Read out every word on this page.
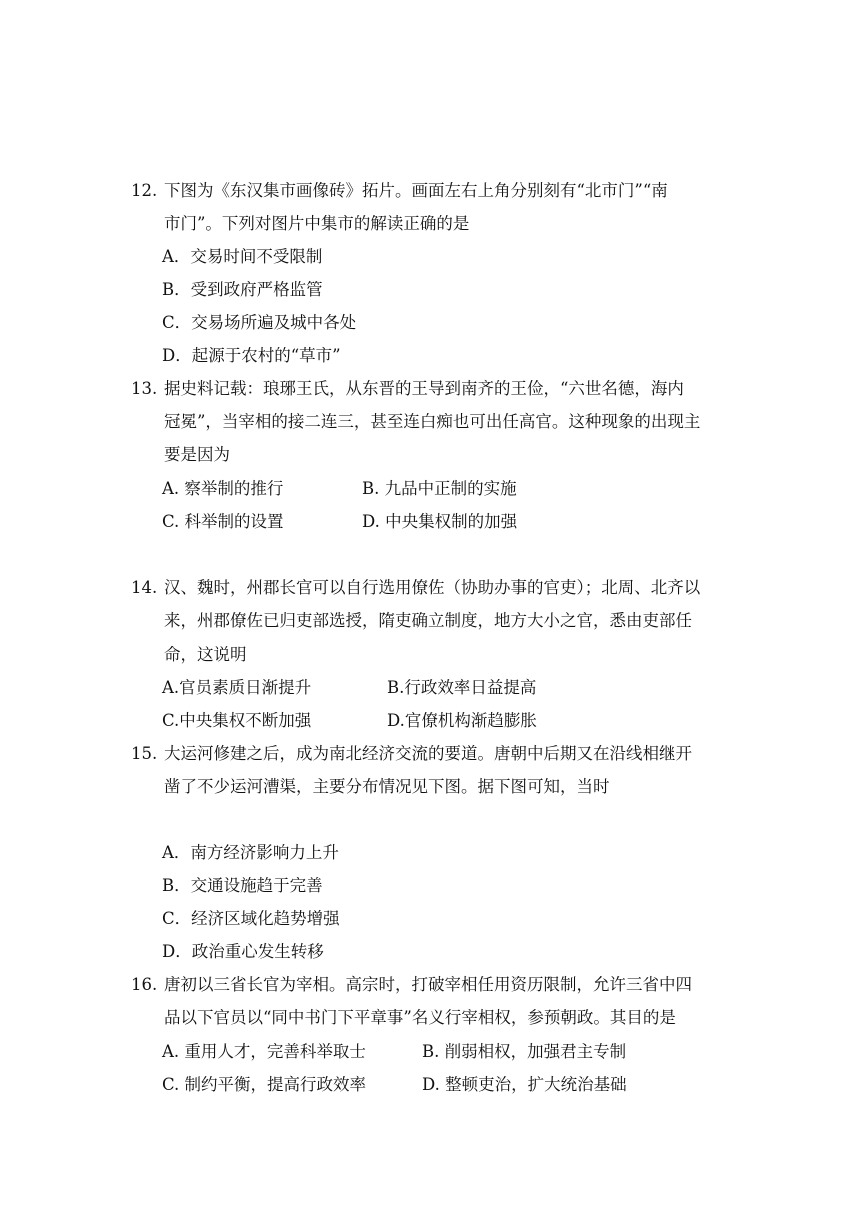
12. 下图为《东汉集市画像砖》拓片。画面左右上角分别刻有“北市门”“南
市门”。下列对图片中集市的解读正确的是
A．交易时间不受限制
B．受到政府严格监管
C．交易场所遍及城中各处
D．起源于农村的“草市”
13. 据史料记载：琅琊王氏，从东晋的王导到南齐的王俭，“六世名德，海内
冠冕”，当宰相的接二连三，甚至连白痴也可出任高官。这种现象的出现主
要是因为
A. 察举制的推行	B. 九品中正制的实施
C. 科举制的设置	D. 中央集权制的加强
14. 汉、魏时，州郡长官可以自行选用僚佐（协助办事的官吏）；北周、北齐以
来，州郡僚佐已归吏部选授，隋吏确立制度，地方大小之官，悉由吏部任
命，这说明
A.官员素质日渐提升	B.行政效率日益提高
C.中央集权不断加强	D.官僚机构渐趋膨胀
15. 大运河修建之后，成为南北经济交流的要道。唐朝中后期又在沿线相继开
凿了不少运河漕渠，主要分布情况见下图。据下图可知，当时
A．南方经济影响力上升
B．交通设施趋于完善
C．经济区域化趋势增强
D．政治重心发生转移
16. 唐初以三省长官为宰相。高宗时，打破宰相任用资历限制，允许三省中四
品以下官员以“同中书门下平章事”名义行宰相权，参预朝政。其目的是
A. 重用人才，完善科举取士	B. 削弱相权，加强君主专制
C. 制约平衡，提高行政效率	D. 整顿吏治，扩大统治基础
